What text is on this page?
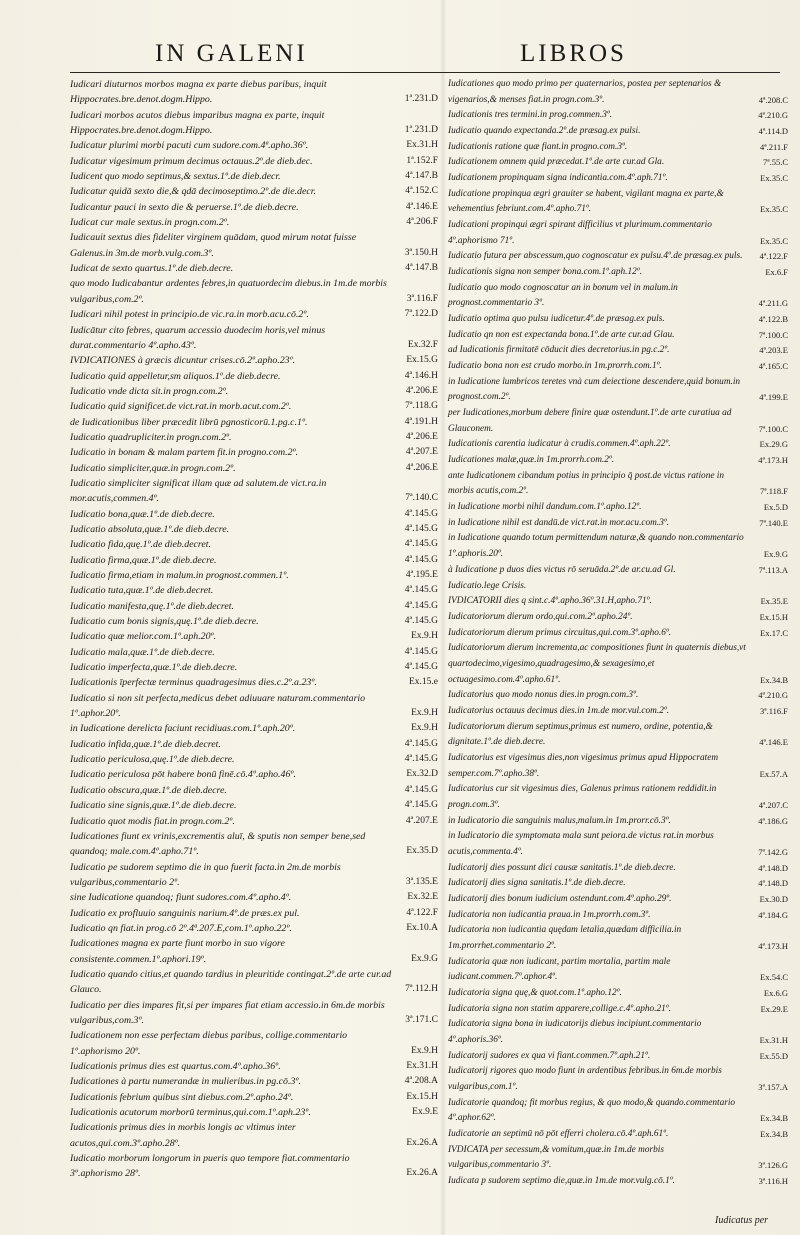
IN GALENI	LIBROS
Iudicari diuturnos morbos magna ex parte diebus paribus, inquit Hippocrates.bre.denot.dogm.Hippo.	1ª.231.D
Iudicari morbos acutos diebus imparibus magna ex parte, inquit Hippocrates.bre.denot.dogm.Hippo.	1ª.231.D
Iudicatur plurimi morbi pacuti cum sudore.com.4ª.apho.36º.	Ex.31.H
Iudicatur vigesimum primum decimus octauus.2º.de dieb.dec.	1ª.152.F
Iudicent quo modo septimus,& sextus.1º.de dieb.decr.	4ª.147.B
Iudicatur quidā sexto die,& qdā decimoseptimo.2º.de die.decr.	4ª.152.C
Iudicantur pauci in sexto die & peruerse.1º.de dieb.decre.	4ª.146.E
Iudicat cur male sextus.in progn.com.2º.	4ª.206.F
Iudicauit sextus dies fideliter virginem quādam, quod mirum notat fuisse Galenus.in 3m.de morb.vulg.com.3º.	3ª.150.H
Iudicat de sexto quartus.1º.de dieb.decre.	4ª.147.B
quo modo Iudicabantur ardentes febres,in quatuordecim diebus.in 1m.de morbis vulgaribus,com.2º.	3ª.116.F
Iudicari nihil potest in principio.de vic.ra.in morb.acu.cō.2º.	7ª.122.D
Iudicātur cito febres, quarum accessio duodecim horis,vel minus durat.commentario 4º.apho.43º.	Ex.32.F
IVDICATIONES à græcis dicuntur crises.cō.2º.apho.23º.	Ex.15.G
Iudicatio quid appelletur,sm aliquos.1º.de dieb.decre.	4ª.146.H
Iudicatio vnde dicta sit.in progn.com.2º.	4ª.206.E
Iudicatio quid significet.de vict.rat.in morb.acut.com.2º.	7ª.118.G
de Iudicationibus liber præcedit librū pgnosticorū.1.pg.c.1º.	4ª.191.H
Iudicatio quadrupliciter.in progn.com.2º.	4ª.206.E
Iudicatio in bonam & malam partem fit.in progno.com.2º.	4ª.207.E
Iudicatio simpliciter,quæ.in progn.com.2º.	4ª.206.E
Iudicatio simpliciter significat illam quæ ad salutem.de vict.ra.in mor.acutis,commen.4º.	7ª.140.C
Iudicatio bona,quæ.1º.de dieb.decre.	4ª.145.G
Iudicatio absoluta,quæ.1º.de dieb.decre.	4ª.145.G
Iudicatio fida,quę.1º.de dieb.decret.	4ª.145.G
Iudicatio firma,quæ.1º.de dieb.decre.	4ª.145.G
Iudicatio firma,etiam in malum.in prognost.commen.1º.	4ª.195.E
Iudicatio tuta,quæ.1º.de dieb.decret.	4ª.145.G
Iudicatio manifesta,quę.1º.de dieb.decret.	4ª.145.G
Iudicatio cum bonis signis,quę.1º.de dieb.decre.	4ª.145.G
Iudicatio quæ melior.com.1º.aph.20º.	Ex.9.H
Iudicatio mala,quæ.1º.de dieb.decre.	4ª.145.G
Iudicatio imperfecta,quæ.1º.de dieb.decre.	4ª.145.G
Iudicationis īperfectæ terminus quadragesimus dies.c.2º.a.23º.	Ex.15.e
Iudicatio si non sit perfecta,medicus debet adiuuare naturam.commentario 1º.aphor.20º.	Ex.9.H
in Iudicatione derelicta faciunt recidiuas.com.1º.aph.20º.	Ex.9.H
Iudicatio infida,quæ.1º.de dieb.decret.	4ª.145.G
Iudicatio periculosa,quę.1º.de dieb.decre.	4ª.145.G
Iudicatio periculosa pōt habere bonū finē.cō.4º.apho.46º.	Ex.32.D
Iudicatio obscura,quæ.1º.de dieb.decre.	4ª.145.G
Iudicatio sine signis,quæ.1º.de dieb.decre.	4ª.145.G
Iudicatio quot modis fiat.in progn.com.2º.	4ª.207.E
Iudicationes fiunt ex vrinis,excrementis aluī, & sputis non semper bene,sed quandoq; male.com.4º.apho.71º.	Ex.35.D
Iudicatio pe sudorem septimo die in quo fuerit facta.in 2m.de morbis vulgaribus,commentario 2º.	3ª.135.E
sine Iudicatione quandoq; fiunt sudores.com.4º.apho.4º.	Ex.32.E
Iudicatio ex profluuio sanguinis narium.4º.de præs.ex pul.	4ª.122.F
Iudicatio qn fiat.in prog.cō 2º.4ª.207.E,com.1º.apho.22º.	Ex.10.A
Iudicationes magna ex parte fiunt morbo in suo vigore consistente.commen.1º.aphori.19º.	Ex.9.G
Iudicatio quando citius,et quando tardius in pleuritide contingat.2º.de arte cur.ad Glauco.	7ª.112.H
Iudicatio per dies impares fit,si per impares fiat etiam accessio.in 6m.de morbis vulgaribus,com.3º.	3ª.171.C
Iudicationem non esse perfectam diebus paribus, collige.commentario 1º.aphorismo 20º.	Ex.9.H
Iudicationis primus dies est quartus.com.4º.apho.36º.	Ex.31.H
Iudicationes à partu numerandæ in mulieribus.in pg.cō.3º.	4ª.208.A
Iudicationis febrium quibus sint diebus.com.2º.apho.24º.	Ex.15.H
Iudicationis acutorum morborū terminus,qui.com.1º.aph.23º.	Ex.9.E
Iudicationis primus dies in morbis longis ac vltimus inter acutos,qui.com.3º.apho.28º.	Ex.26.A
Iudicatio morborum longorum in pueris quo tempore fiat.commentario 3º.aphorismo 28º.	Ex.26.A
Iudicationes quo modo primo per quaternarios, postea per septenarios & vigenarios,& menses fiat.in progn.com.3º.	4ª.208.C
Iudicationis tres termini.in prog.commen.3º.	4ª.210.G
Iudicatio quando expectanda.2º.de præsag.ex pulsi.	4ª.114.D
Iudicationis ratione quæ fiant.in progno.com.3º.	4ª.211.F
Iudicationem omnem quid præcedat.1º.de arte cur.ad Gla.	7ª.55.C
Iudicationem propinquam signa indicantia.com.4º.aph.71º.	Ex.35.C
Iudicatione propinqua ægri grauiter se habent, vigilant magna ex parte,& vehementius febriunt.com.4º.apho.71º.	Ex.35.C
Iudicationi propinqui ægri spirant difficilius vt plurimum.commentario 4º.aphorismo 71º.	Ex.35.C
Iudicatio futura per abscessum,quo cognoscatur ex pulsu.4º.de præsag.ex puls.	4ª.122.F
Iudicationis signa non semper bona.com.1º.aph.12º.	Ex.6.F
Iudicatio quo modo cognoscatur an in bonum vel in malum.in prognost.commentario 3º.	4ª.211.G
Iudicatio optima quo pulsu iudicetur.4º.de præsag.ex puls.	4ª.122.B
Iudicatio qn non est expectanda bona.1º.de arte cur.ad Glau.	7ª.100.C
ad Iudicationis firmitatē cōducit dies decretorius.in pg.c.2º.	4ª.203.E
Iudicatio bona non est crudo morbo.in 1m.prorrh.com.1º.	4ª.165.C
in Iudicatione lumbricos teretes vnà cum deiectione descendere,quid bonum.in prognost.com.2º.	4ª.199.E
per Iudicationes,morbum debere finire quæ ostendunt.1º.de arte curatiua ad Glauconem.	7ª.100.C
Iudicationis carentia iudicatur à crudis.commen.4º.aph.22º.	Ex.29.G
Iudicationes malæ,quæ.in 1m.prorrh.com.2º.	4ª.173.H
ante Iudicationem cibandum potius in principio q̄ post.de victus ratione in morbis acutis,com.2º.	7ª.118.F
in Iudicatione morbi nihil dandum.com.1º.apho.12º.	Ex.5.D
in Iudicatione nihil est dandū.de vict.rat.in mor.acu.com.3º.	7ª.140.E
in Iudicatione quando totum permittendum naturæ,& quando non.commentario 1º.aphoris.20º.	Ex.9.G
à Iudicatione p duos dies victus rō seruāda.2º.de ar.cu.ad Gl.	7ª.113.A
Iudicatio.lege Crisis.
IVDICATORII dies q sint.c.4º.apho.36º.31.H,apho.71º.	Ex.35.E
Iudicatoriorum dierum ordo,qui.com.2º.apho.24º.	Ex.15.H
Iudicatoriorum dierum primus circuitus,qui.com.3º.apho.6º.	Ex.17.C
Iudicatoriorum dierum incrementa,ac compositiones fiunt in quaternis diebus,vt quartodecimo,vigesimo,quadragesimo,& sexagesimo,et octuagesimo.com.4º.apho.61º.	Ex.34.B
Iudicatorius quo modo nonus dies.in progn.com.3º.	4ª.210.G
Iudicatorius octauus decimus dies.in 1m.de mor.vul.com.2º.	3ª.116.F
Iudicatoriorum dierum septimus,primus est numero, ordine, potentia,& dignitate.1º.de dieb.decre.	4ª.146.E
Iudicatorius est vigesimus dies,non vigesimus primus apud Hippocratem semper.com.7º.apho.38º.	Ex.57.A
Iudicatorius cur sit vigesimus dies, Galenus primus rationem reddidit.in progn.com.3º.	4ª.207.C
in Iudicatorio die sanguinis malus,malum.in 1m.prorr.cō.3º.	4ª.186.G
in Iudicatorio die symptomata mala sunt peiora.de victus rat.in morbus acutis,commenta.4º.	7ª.142.G
Iudicatorij dies possunt dici causæ sanitatis.1º.de dieb.decre.	4ª.148.D
Iudicatorij dies signa sanitatis.1º.de dieb.decre.	4ª.148.D
Iudicatorij dies bonum iudicium ostendunt.com.4º.apho.29º.	Ex.30.D
Iudicatoria non iudicantia praua.in 1m.prorrh.com.3º.	4ª.184.G
Iudicatoria non iudicantia quędam letalia,quædam difficilia.in 1m.prorrhet.commentario 2º.	4ª.173.H
Iudicatoria quæ non iudicant, partim mortalia, partim male iudicant.commen.7º.aphor.4º.	Ex.54.C
Iudicatoria signa quę,& quot.com.1º.apho.12º.	Ex.6.G
Iudicatoria signa non statim apparere,collige.c.4º.apho.21º.	Ex.29.E
Iudicatoria signa bona in iudicatorijs diebus incipiunt.commentario 4º.aphoris.36º.	Ex.31.H
Iudicatorij sudores ex qua vi fiant.commen.7º.aph.21º.	Ex.55.D
Iudicatorij rigores quo modo fiunt in ardentibus febribus.in 6m.de morbis vulgaribus,com.1º.	3ª.157.A
Iudicatorie quandoq; fit morbus regius, & quo modo,& quando.commentario 4º.aphor.62º.	Ex.34.B
Iudicatorie an septimū nō pōt efferri cholera.cō.4º.aph.61º.	Ex.34.B
IVDICATA per secessum,& vomitum,quæ.in 1m.de morbis vulgaribus,commentario 3º.	3ª.126.G
Iudicata p sudorem septimo die,quæ.in 1m.de mor.vulg.cō.1º.	3ª.116.H
Iudicatus per
